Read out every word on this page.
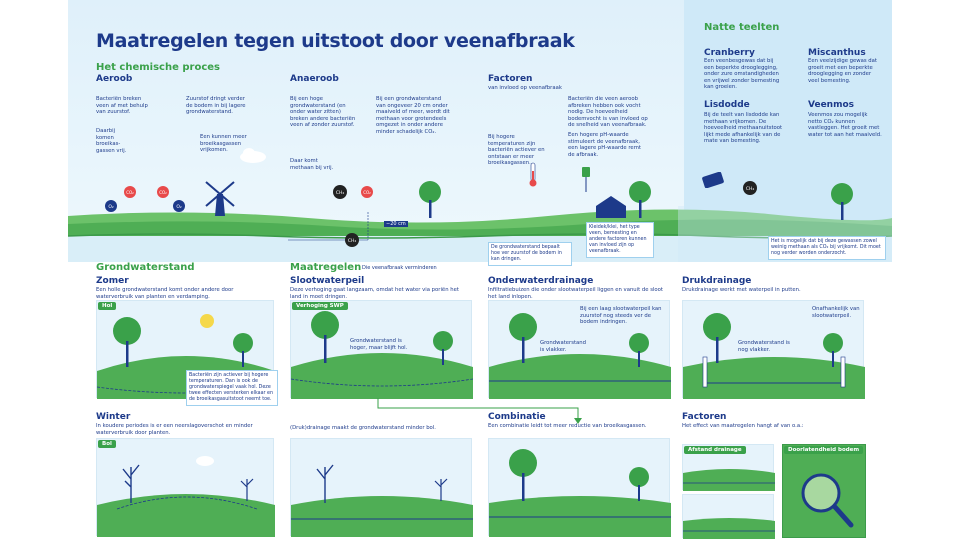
Maatregelen tegen uitstoot door veenafbraak
Het chemische proces
Aeroob
Bacteriën breken veen af met behulp van zuurstof.
Zuurstof dringt verder de bodem in bij lagere grondwaterstand.
Daarbij komen broeikas-gassen vrij.
Een kunnen meer broeikasgassen vrijkomen.
Anaeroob
Bij een hoge grondwaterstand (en onder water zitten) breken andere bacteriën veen af zonder zuurstof.
Bij een grondwaterstand van ongeveer 20 cm onder maaiveld of meer, wordt dit methaan voor grotendeels omgezet in onder andere minder schadelijk CO₂.
Daar komt methaan bij vrij.
−20 cm
Factoren
van invloed op veenafbraak
Bij hogere temperaturen zijn bacteriën actiever en ontstaan er meer broeikasgassen.
Bacteriën die veen aeroob afbreken hebben ook vocht nodig. De hoeveelheid bodemvocht is van invloed op de snelheid van veenafbraak.
Een hogere pH-waarde stimuleert de veenafbraak, een lagere pH-waarde remt de afbraak.
De grondwaterstand bepaalt hoe ver zuurstof de bodem in kan dringen.
Kleidek/klei, het type veen, bemesting en andere factoren kunnen van invloed zijn op veenafbraak.
O₂
CO₂	CO₂
O₂
CH₄	CO₂
CH₄
CH₄
Natte teelten
Cranberry
Een veenbesgewas dat bij een beperkte drooglegging, onder zure omstandigheden en vrijwel zonder bemesting kan groeien.
Lisdodde
Bij de teelt van lisdodde kan methaan vrijkomen. De hoeveelheid methaanuitstoot lijkt mede afhankelijk van de mate van bemesting.
Miscanthus
Een veelzijdige gewas dat groeit met een beperkte drooglegging en zonder veel bemesting.
Veenmos
Veenmos zou mogelijk netto CO₂ kunnen vastleggen. Het groeit met water tot aan het maaiveld.
Het is mogelijk dat bij deze gewassen zowel weinig methaan als CO₂ bij vrijkomt. Dit moet nog verder worden onderzocht.
Grondwaterstand	Maatregelen Die veenafbraak verminderen
Zomer
Een holle grondwaterstand komt onder andere door waterverbruik van planten en verdamping.
Slootwaterpeil
Deze verhoging gaat langzaam, omdat het water via poriën het land in moet dringen.
Onderwaterdrainage
Infiltratiebuizen die onder slootwaterpeil liggen en vanuit de sloot het land inlopen.
Drukdrainage
Drukdrainage werkt met waterpeil in putten.
Hol
Bacteriën zijn actiever bij hogere temperaturen. Dan is ook de grondwaterspiegel vaak hol. Deze twee effecten versterken elkaar en de broeikasgasuitstoot neemt toe.
Verhoging SWP
Grondwaterstand is hoger, maar blijft hol.
Bij een laag slootwaterpeil kan zuurstof nog steeds ver de bodem indringen.
Grondwaterstand is vlakker.
Onafhankelijk van slootwaterpeil.
Grondwaterstand is nog vlakker.
Winter
In koudere periodes is er een neerslagoverschot en minder waterverbruik door planten.
(Druk)drainage maakt de grondwaterstand minder bol.
Combinatie
Een combinatie leidt tot meer reductie van broeikasgassen.
Factoren
Het effect van maatregelen hangt af van o.a.:
Bol
Afstand drainage	Doorlatendheid bodem
